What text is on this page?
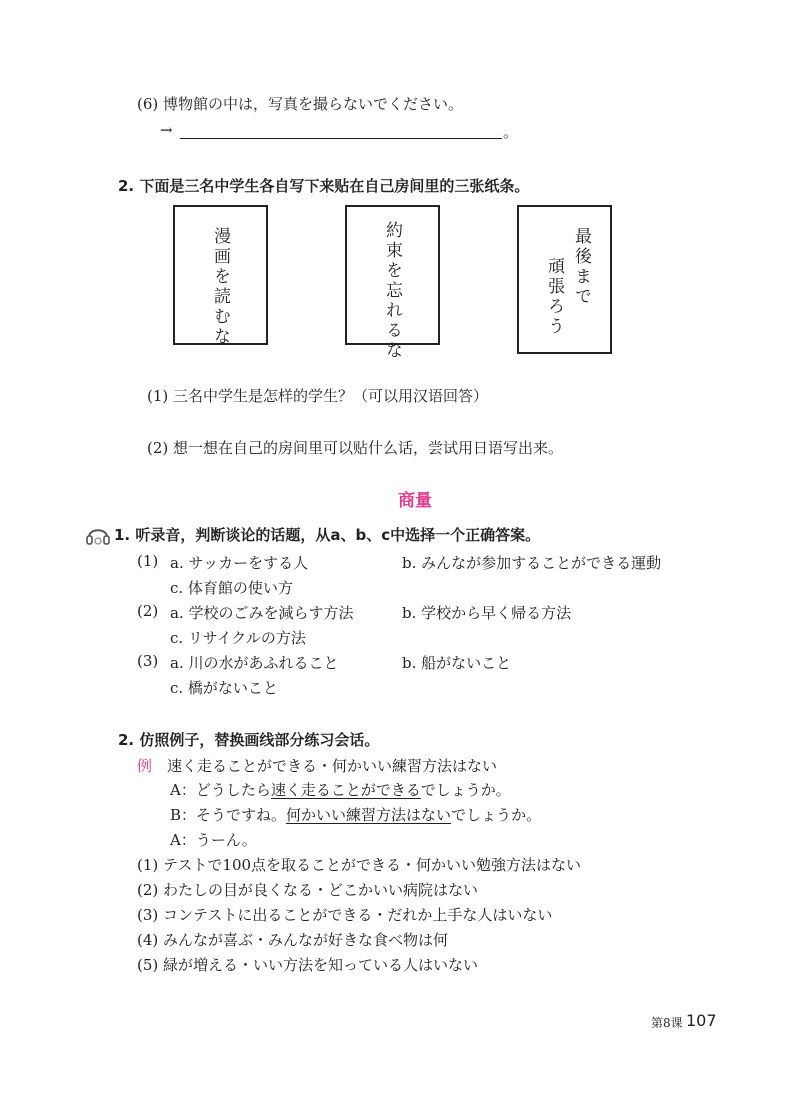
(6) 博物館の中は，写真を撮らないでください。
→	。
2. 下面是三名中学生各自写下来贴在自己房间里的三张纸条。
漫画を読むな	約束を忘れるな	最後まで
頑張ろう
(1) 三名中学生是怎样的学生？（可以用汉语回答）
(2) 想一想在自己的房间里可以贴什么话，尝试用日语写出来。
商量
1. 听录音，判断谈论的话题，从a、b、c中选择一个正确答案。
(1) a. サッカーをする人	b. みんなが参加することができる運動
c. 体育館の使い方
(2) a. 学校のごみを減らす方法	b. 学校から早く帰る方法
c. リサイクルの方法
(3) a. 川の水があふれること	b. 船がないこと
c. 橋がないこと
2. 仿照例子，替换画线部分练习会话。
例 速く走ることができる・何かいい練習方法はない
A：どうしたら速く走ることができるでしょうか。
B：そうですね。何かいい練習方法はないでしょうか。
A：うーん。
(1) テストで100点を取ることができる・何かいい勉強方法はない
(2) わたしの目が良くなる・どこかいい病院はない
(3) コンテストに出ることができる・だれか上手な人はいない
(4) みんなが喜ぶ・みんなが好きな食べ物は何
(5) 緑が増える・いい方法を知っている人はいない
第8课 107
